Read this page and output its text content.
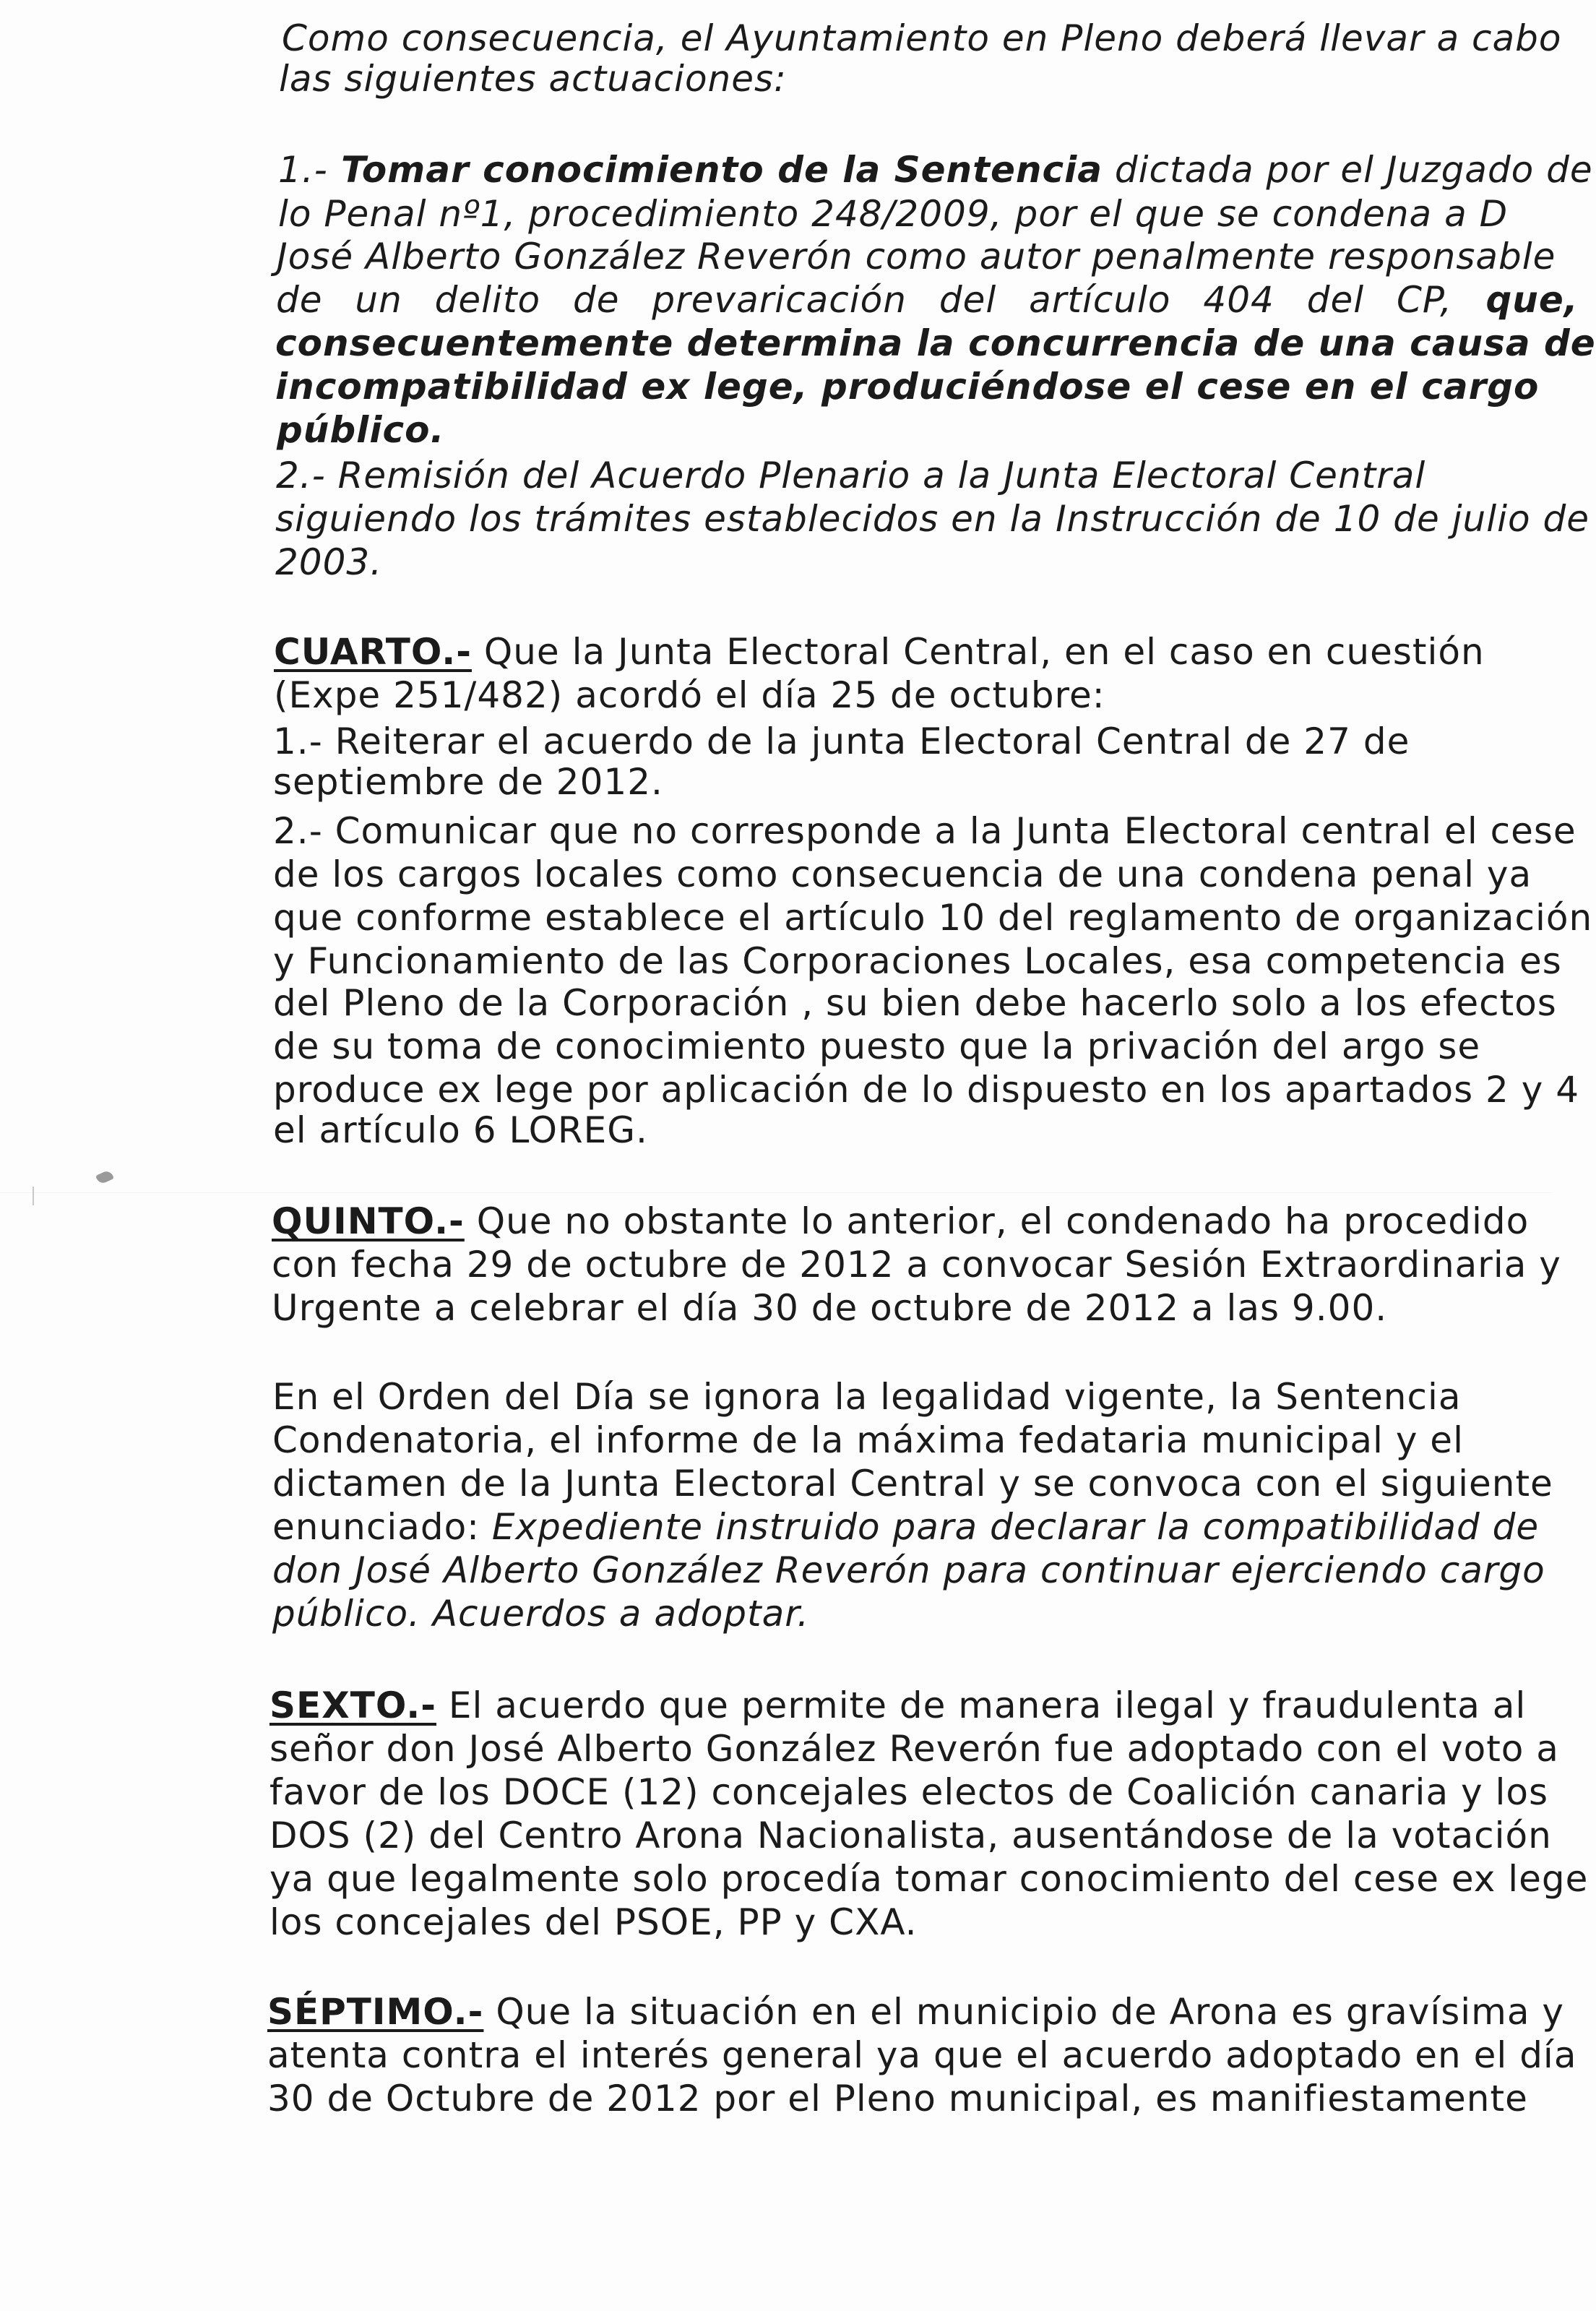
Como consecuencia, el Ayuntamiento en Pleno deberá llevar a cabo
las siguientes actuaciones:
1.- Tomar conocimiento de la Sentencia dictada por el Juzgado de
lo Penal nº1, procedimiento 248/2009, por el que se condena a D
José Alberto González Reverón como autor penalmente responsable
de un delito de prevaricación del artículo 404 del CP, que,
consecuentemente determina la concurrencia de una causa de
incompatibilidad ex lege, produciéndose el cese en el cargo
público.
2.- Remisión del Acuerdo Plenario a la Junta Electoral Central
siguiendo los trámites establecidos en la Instrucción de 10 de julio de
2003.
CUARTO.- Que la Junta Electoral Central, en el caso en cuestión
(Expe 251/482) acordó el día 25 de octubre:
1.- Reiterar el acuerdo de la junta Electoral Central de 27 de
septiembre de 2012.
2.- Comunicar que no corresponde a la Junta Electoral central el cese
de los cargos locales como consecuencia de una condena penal ya
que conforme establece el artículo 10 del reglamento de organización
y Funcionamiento de las Corporaciones Locales, esa competencia es
del Pleno de la Corporación , su bien debe hacerlo solo a los efectos
de su toma de conocimiento puesto que la privación del argo se
produce ex lege por aplicación de lo dispuesto en los apartados 2 y 4
el artículo 6 LOREG.
QUINTO.- Que no obstante lo anterior, el condenado ha procedido
con fecha 29 de octubre de 2012 a convocar Sesión Extraordinaria y
Urgente a celebrar el día 30 de octubre de 2012 a las 9.00.
En el Orden del Día se ignora la legalidad vigente, la Sentencia
Condenatoria, el informe de la máxima fedataria municipal y el
dictamen de la Junta Electoral Central y se convoca con el siguiente
enunciado: Expediente instruido para declarar la compatibilidad de
don José Alberto González Reverón para continuar ejerciendo cargo
público. Acuerdos a adoptar.
SEXTO.- El acuerdo que permite de manera ilegal y fraudulenta al
señor don José Alberto González Reverón fue adoptado con el voto a
favor de los DOCE (12) concejales electos de Coalición canaria y los
DOS (2) del Centro Arona Nacionalista, ausentándose de la votación
ya que legalmente solo procedía tomar conocimiento del cese ex lege
los concejales del PSOE, PP y CXA.
SÉPTIMO.- Que la situación en el municipio de Arona es gravísima y
atenta contra el interés general ya que el acuerdo adoptado en el día
30 de Octubre de 2012 por el Pleno municipal, es manifiestamente
